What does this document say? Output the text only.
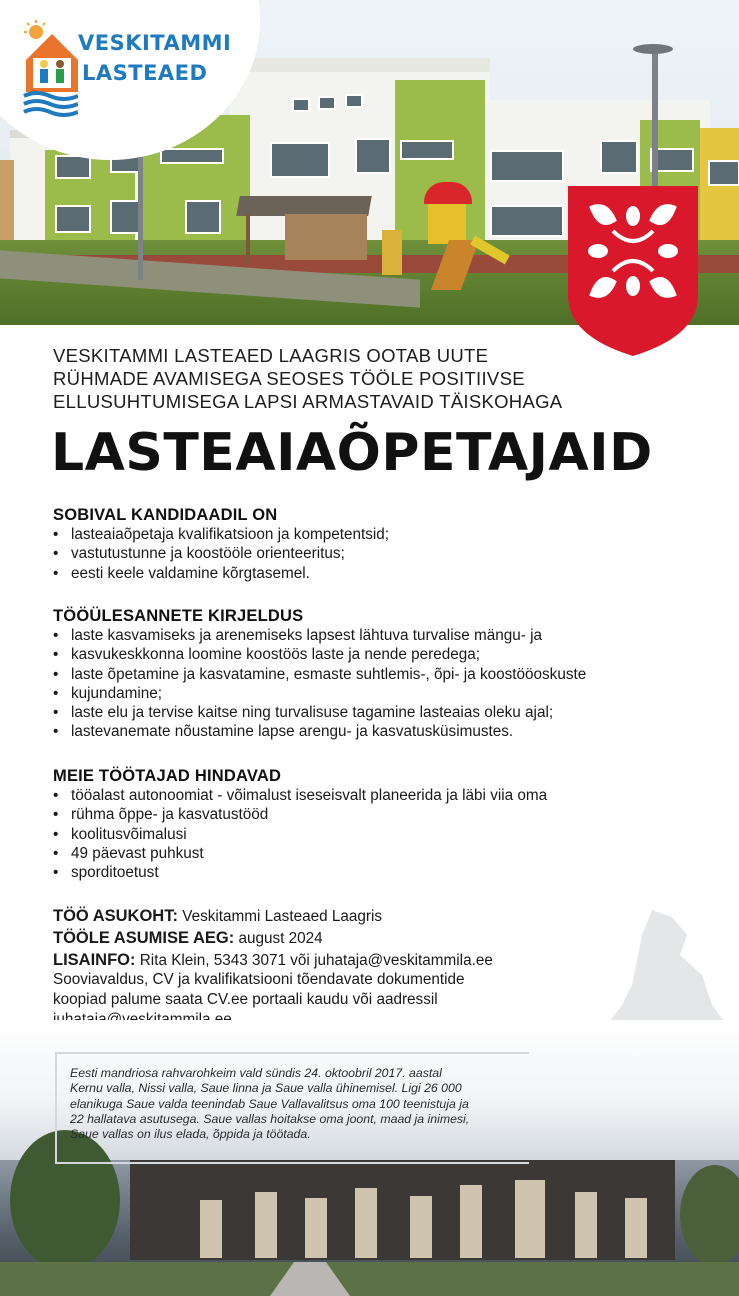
VESKITAMMI
LASTEAED
VESKITAMMI LASTEAED LAAGRIS OOTAB UUTE
RÜHMADE AVAMISEGA SEOSES TÖÖLE POSITIIVSE
ELLUSUHTUMISEGA LAPSI ARMASTAVAID TÄISKOHAGA
LASTEAIAÕPETAJAID
SOBIVAL KANDIDAADIL ON
• lasteaiaõpetaja kvalifikatsioon ja kompetentsid;
• vastutustunne ja koostööle orienteeritus;
• eesti keele valdamine kõrgtasemel.
TÖÖÜLESANNETE KIRJELDUS
• laste kasvamiseks ja arenemiseks lapsest lähtuva turvalise mängu- ja
• kasvukeskkonna loomine koostöös laste ja nende peredega;
• laste õpetamine ja kasvatamine, esmaste suhtlemis-, õpi- ja koostööoskuste
• kujundamine;
• laste elu ja tervise kaitse ning turvalisuse tagamine lasteaias oleku ajal;
• lastevanemate nõustamine lapse arengu- ja kasvatusküsimustes.
MEIE TÖÖTAJAD HINDAVAD
• tööalast autonoomiat - võimalust iseseisvalt planeerida ja läbi viia oma
• rühma õppe- ja kasvatustööd
• koolitusvõimalusi
• 49 päevast puhkust
• sporditoetust
TÖÖ ASUKOHT: Veskitammi Lasteaed Laagris
TÖÖLE ASUMISE AEG: august 2024
LISAINFO: Rita Klein, 5343 3071 või juhataja@veskitammila.ee
Sooviavaldus, CV ja kvalifikatsiooni tõendavate dokumentide
koopiad palume saata CV.ee portaali kaudu või aadressil
Eesti mandriosa rahvarohkeim vald sündis 24. oktoobril 2017. aastal
Kernu valla, Nissi valla, Saue linna ja Saue valla ühinemisel. Ligi 26 000
elanikuga Saue valda teenindab Saue Vallavalitsus oma 100 teenistuja ja
22 hallatava asutusega. Saue vallas hoitakse oma joont, maad ja inimesi,
Saue vallas on ilus elada, õppida ja töötada.
